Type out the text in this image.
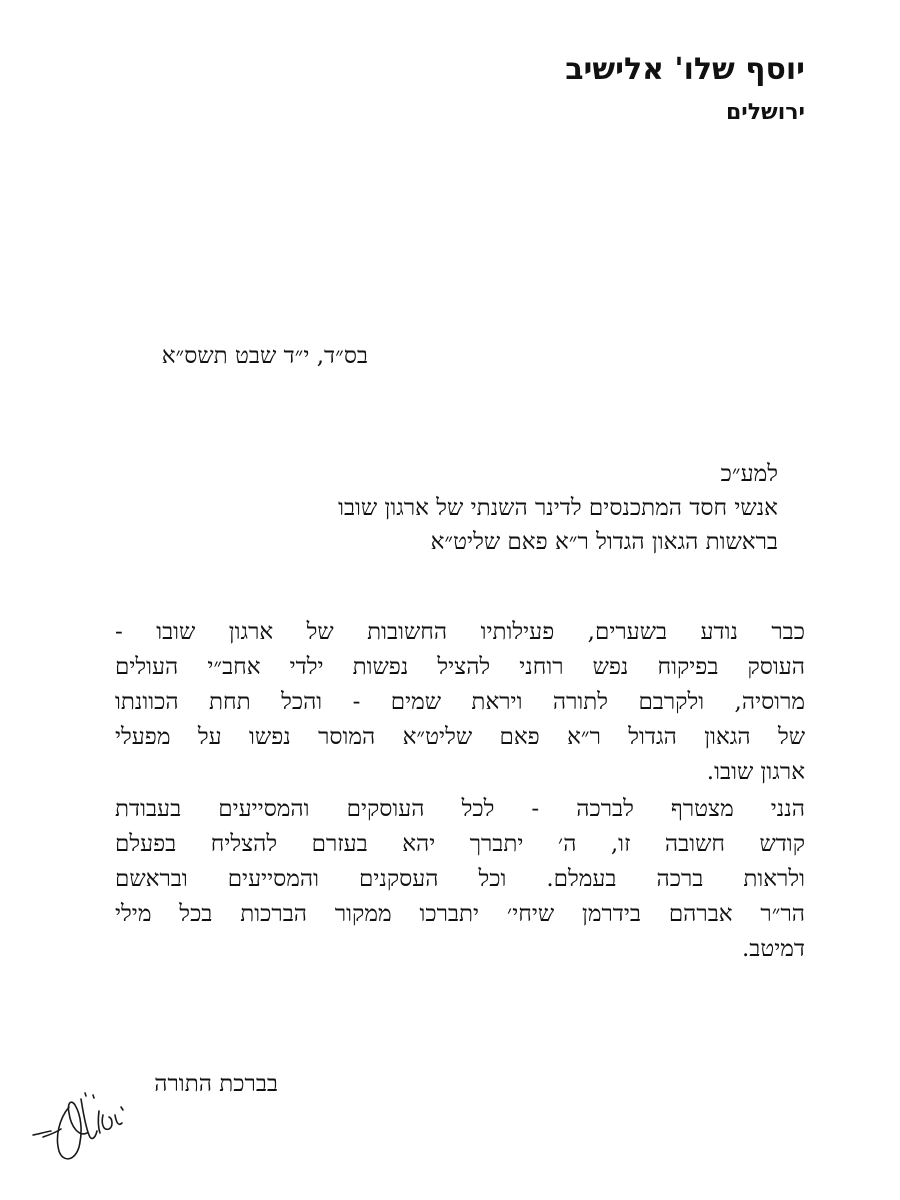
יוסף שלו' אלישיב
ירושלים
בס״ד, י״ד שבט תשס״א
למע״כ
אנשי חסד המתכנסים לדינר השנתי של ארגון שובו
בראשות הגאון הגדול ר״א פאם שליט״א
כבר נודע בשערים, פעילותיו החשובות של ארגון שובו -
העוסק בפיקוח נפש רוחני להציל נפשות ילדי אחב״י העולים
מרוסיה, ולקרבם לתורה ויראת שמים - והכל תחת הכוונתו
של הגאון הגדול ר״א פאם שליט״א המוסר נפשו על מפעלי
ארגון שובו.
הנני מצטרף לברכה - לכל העוסקים והמסייעים בעבודת
קודש חשובה זו, ה׳ יתברך יהא בעזרם להצליח בפעלם
ולראות ברכה בעמלם. וכל העסקנים והמסייעים ובראשם
הר״ר אברהם בידרמן שיחי׳ יתברכו ממקור הברכות בכל מילי
דמיטב.
בברכת התורה
